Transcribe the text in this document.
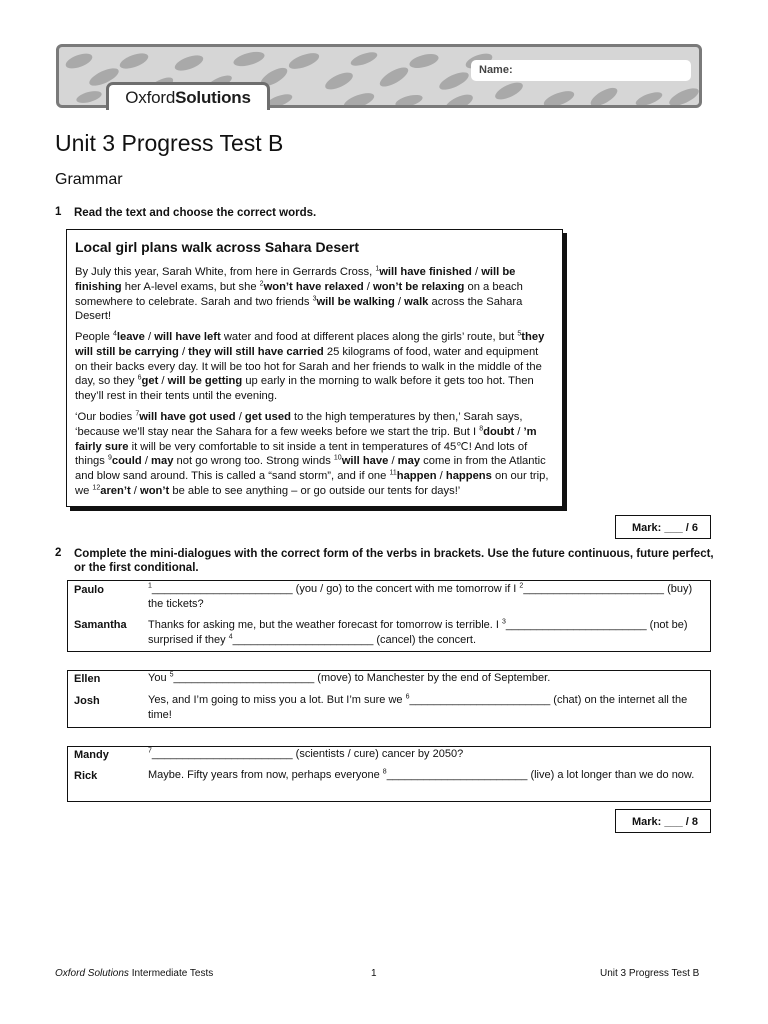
Name:
OxfordSolutions
Unit 3 Progress Test B
Grammar
1 Read the text and choose the correct words.
Local girl plans walk across Sahara Desert
By July this year, Sarah White, from here in Gerrards Cross, $^1$will have finished / will be finishing her A-level exams, but she $^2$won’t have relaxed / won’t be relaxing on a beach somewhere to celebrate. Sarah and two friends $^3$will be walking / walk across the Sahara Desert!
People $^4$leave / will have left water and food at different places along the girls’ route, but $^5$they will still be carrying / they will still have carried 25 kilograms of food, water and equipment on their backs every day. It will be too hot for Sarah and her friends to walk in the middle of the day, so they $^6$get / will be getting up early in the morning to walk before it gets too hot. Then they’ll rest in their tents until the evening.
‘Our bodies $^7$will have got used / get used to the high temperatures by then,’ Sarah says, ‘because we’ll stay near the Sahara for a few weeks before we start the trip. But I $^8$doubt / ’m fairly sure it will be very comfortable to sit inside a tent in temperatures of 45℃! And lots of things $^9$could / may not go wrong too. Strong winds $^{10}$will have / may come in from the Atlantic and blow sand around. This is called a “sand storm”, and if one $^{11}$happen / happens on our trip, we $^{12}$aren’t / won’t be able to see anything – or go outside our tents for days!’
Mark: ___ / 6
2 Complete the mini-dialogues with the correct form of the verbs in brackets. Use the future continuous, future perfect, or the first conditional.
Paulo	$^1$_______________________ (you / go) to the concert with me tomorrow if I $^2$_______________________ (buy) the tickets?
Samantha Thanks for asking me, but the weather forecast for tomorrow is terrible. I $^3$_______________________ (not be) surprised if they $^4$_______________________ (cancel) the concert.
Ellen	You $^5$_______________________ (move) to Manchester by the end of September.
Josh	Yes, and I’m going to miss you a lot. But I’m sure we $^6$_______________________ (chat) on the internet all the time!
Mandy	$^7$_______________________ (scientists / cure) cancer by 2050?
Rick	Maybe. Fifty years from now, perhaps everyone $^8$_______________________ (live) a lot longer than we do now.
Mark: ___ / 8
Oxford Solutions Intermediate Tests	1	Unit 3 Progress Test B
